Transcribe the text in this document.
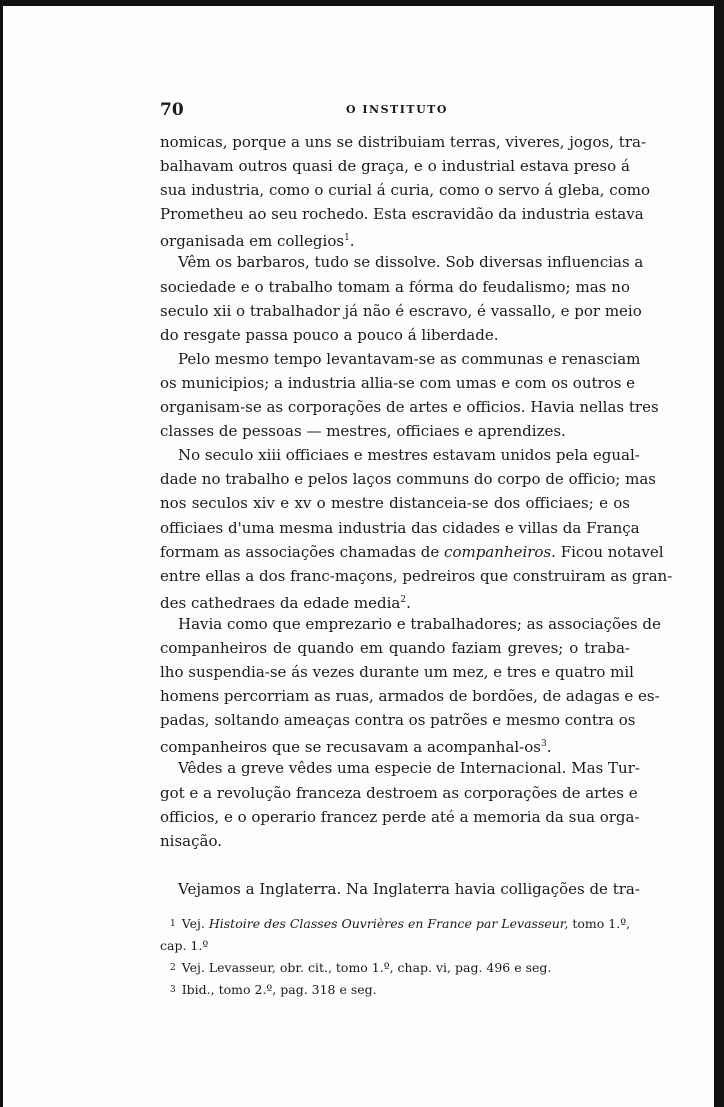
70	O INSTITUTO
nomicas, porque a uns se distribuiam terras, viveres, jogos, tra-
balhavam outros quasi de graça, e o industrial estava preso á
sua industria, como o curial á curia, como o servo á gleba, como
Prometheu ao seu rochedo. Esta escravidão da industria estava
organisada em collegios$^1$.
Vêm os barbaros, tudo se dissolve. Sob diversas influencias a
sociedade e o trabalho tomam a fórma do feudalismo; mas no
seculo xii o trabalhador já não é escravo, é vassallo, e por meio
do resgate passa pouco a pouco á liberdade.
Pelo mesmo tempo levantavam-se as communas e renasciam
os municipios; a industria allia-se com umas e com os outros e
organisam-se as corporações de artes e officios. Havia nellas tres
classes de pessoas — mestres, officiaes e aprendizes.
No seculo xiii officiaes e mestres estavam unidos pela egual-
dade no trabalho e pelos laços communs do corpo de officio; mas
nos seculos xiv e xv o mestre distanceia-se dos officiaes; e os
officiaes d'uma mesma industria das cidades e villas da França
formam as associações chamadas de companheiros. Ficou notavel
entre ellas a dos franc-maçons, pedreiros que construiram as gran-
des cathedraes da edade media$^2$.
Havia como que emprezario e trabalhadores; as associações de
companheiros de quando em quando faziam greves; o traba-
lho suspendia-se ás vezes durante um mez, e tres e quatro mil
homens percorriam as ruas, armados de bordões, de adagas e es-
padas, soltando ameaças contra os patrões e mesmo contra os
companheiros que se recusavam a acompanhal-$os^3$.
Vêdes a greve vêdes uma especie de Internacional. Mas Tur-
got e a revolução franceza destroem as corporações de artes e
officios, e o operario francez perde até a memoria da sua orga-
nisação.
Vejamos a Inglaterra. Na Inglaterra havia colligações de tra-
1 Vej. Histoire des Classes Ouvrières en France par Levasseur, tomo 1.º,
cap. 1.º
2 Vej. Levasseur, obr. cit., tomo 1.º, chap. vi, pag. 496 e seg.
3 Ibid., tomo 2.º, pag. 318 e seg.
